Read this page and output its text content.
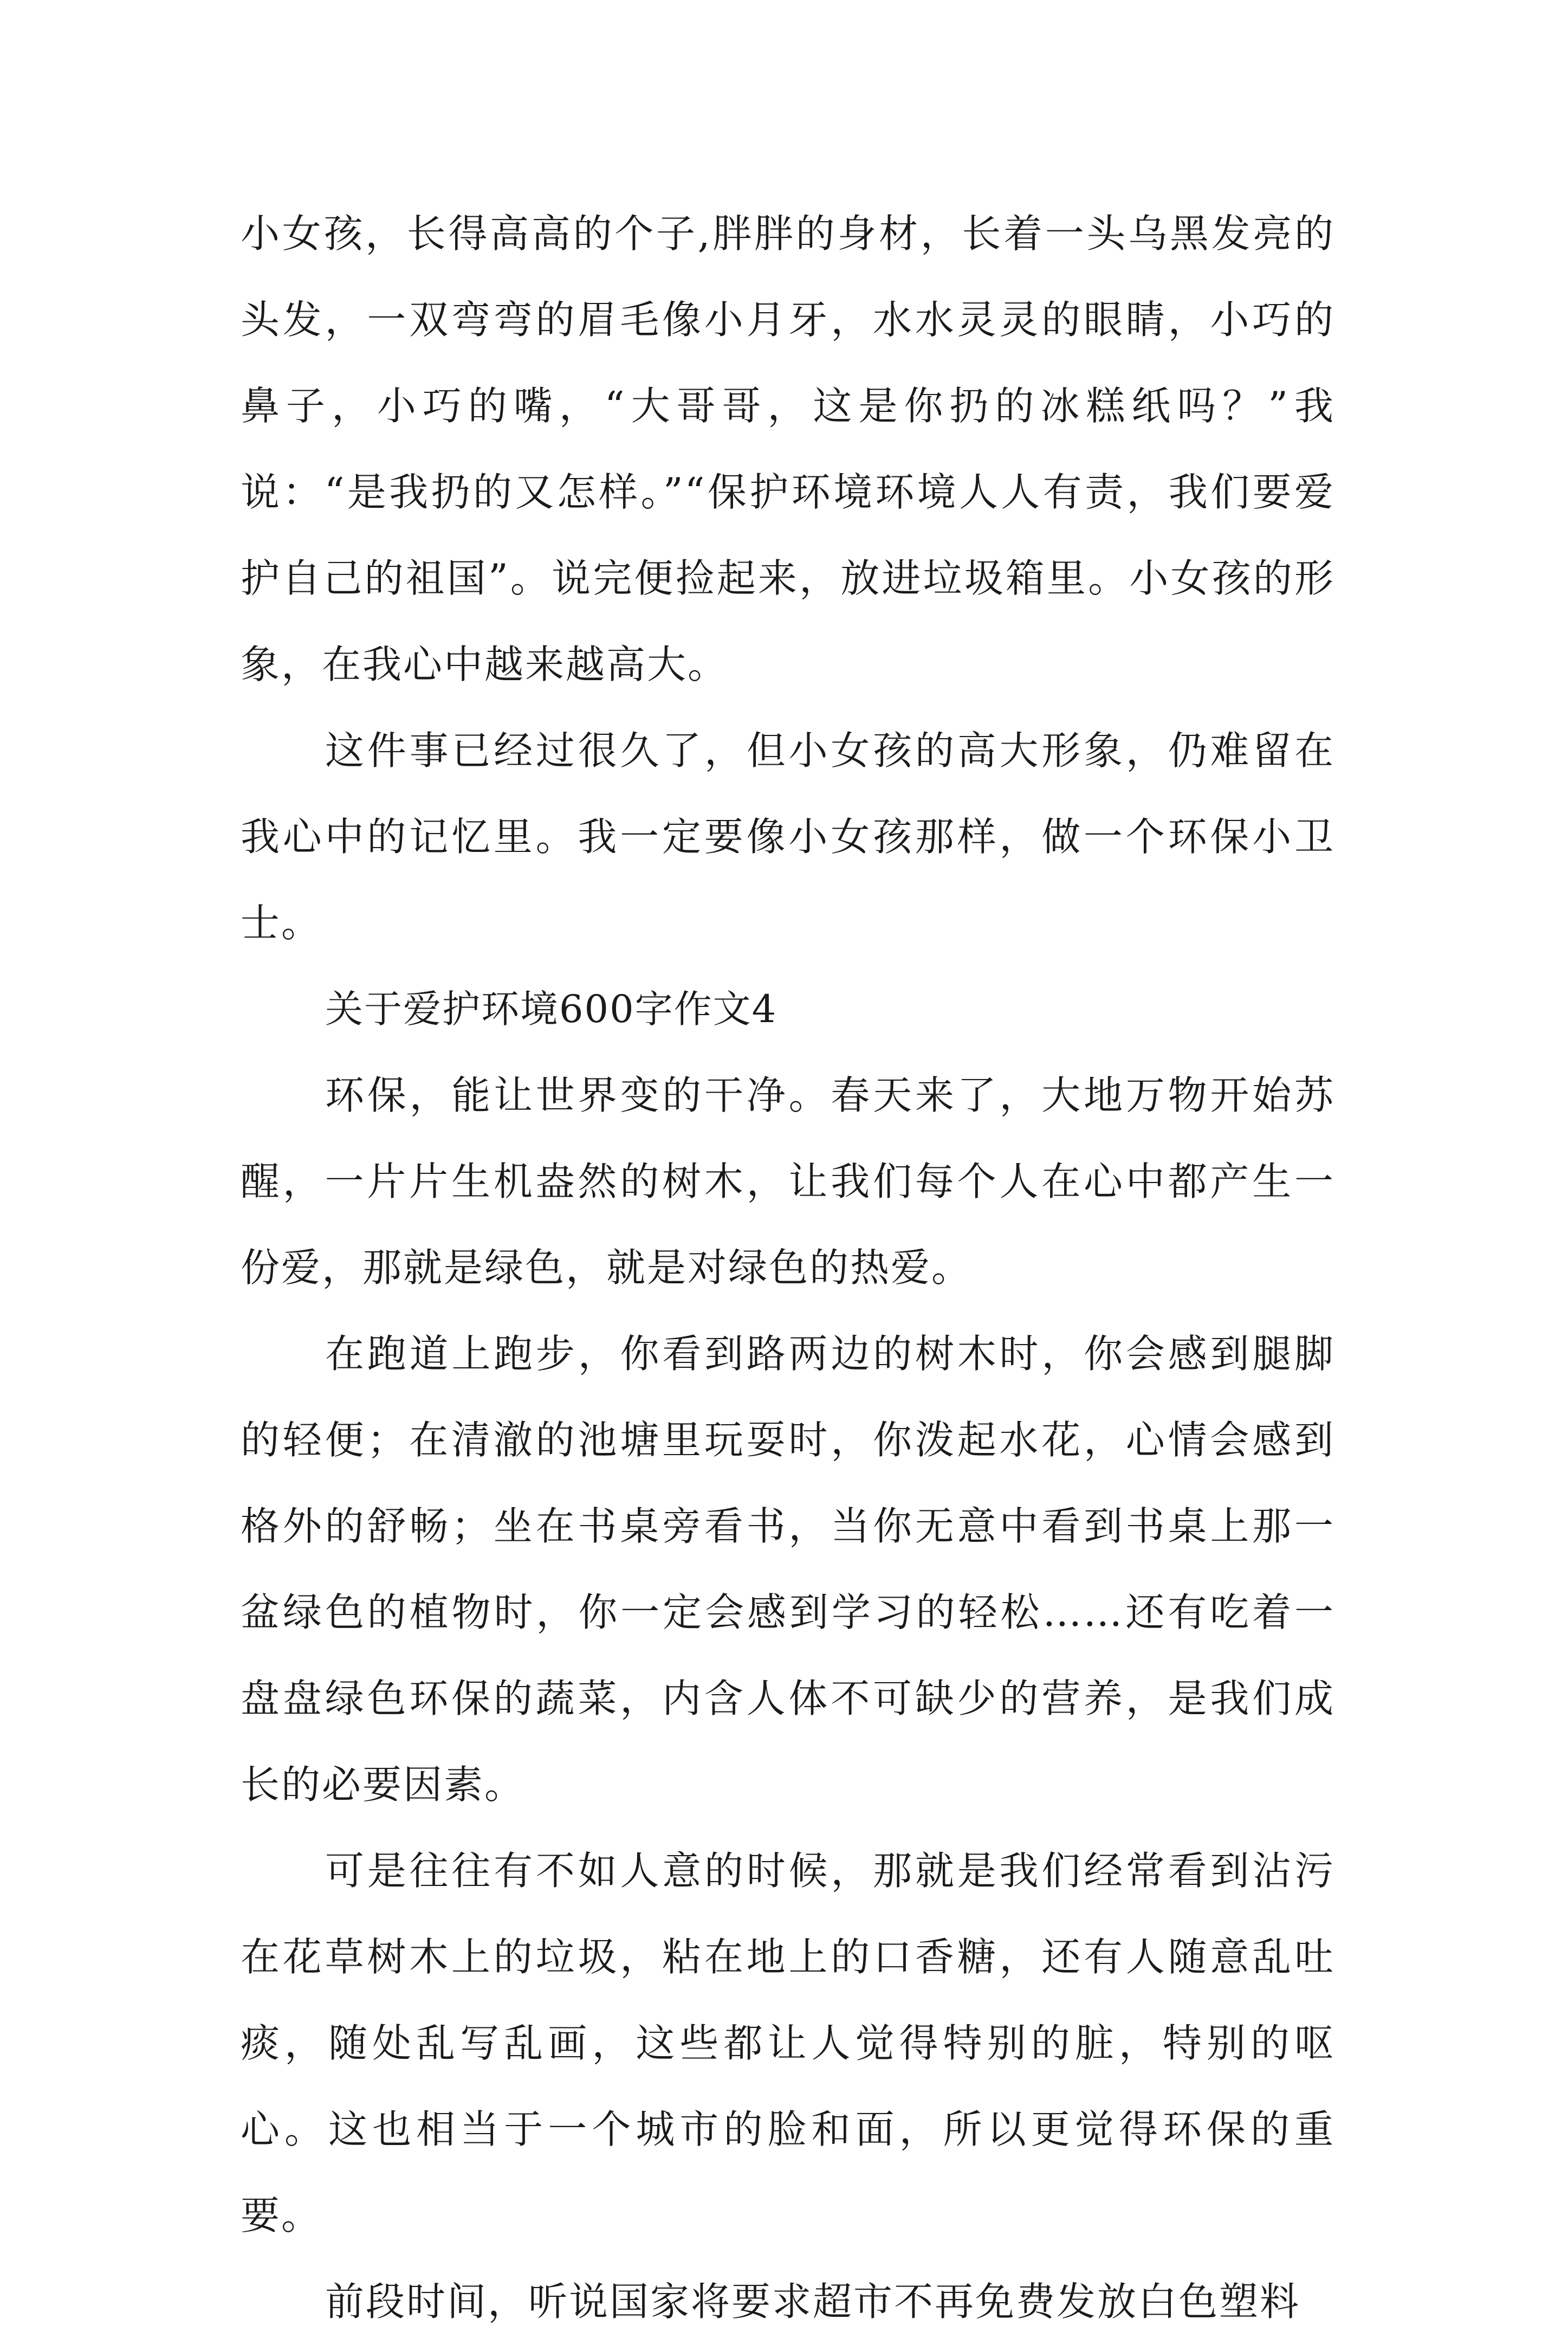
小女孩，长得高高的个子,胖胖的身材，长着一头乌黑发亮的头发，一双弯弯的眉毛像小月牙，水水灵灵的眼睛，小巧的鼻子，小巧的嘴，“大哥哥，这是你扔的冰糕纸吗？”我说：“是我扔的又怎样。”“保护环境环境人人有责，我们要爱护自己的祖国”。说完便捡起来，放进垃圾箱里。小女孩的形象，在我心中越来越高大。

这件事已经过很久了，但小女孩的高大形象，仍难留在我心中的记忆里。我一定要像小女孩那样，做一个环保小卫士。

关于爱护环境600字作文4

环保，能让世界变的干净。春天来了，大地万物开始苏醒，一片片生机盎然的树木，让我们每个人在心中都产生一份爱，那就是绿色，就是对绿色的热爱。

在跑道上跑步，你看到路两边的树木时，你会感到腿脚的轻便；在清澈的池塘里玩耍时，你泼起水花，心情会感到格外的舒畅；坐在书桌旁看书，当你无意中看到书桌上那一盆绿色的植物时，你一定会感到学习的轻松……还有吃着一盘盘绿色环保的蔬菜，内含人体不可缺少的营养，是我们成长的必要因素。

可是往往有不如人意的时候，那就是我们经常看到沾污在花草树木上的垃圾，粘在地上的口香糖，还有人随意乱吐痰，随处乱写乱画，这些都让人觉得特别的脏，特别的呕心。这也相当于一个城市的脸和面，所以更觉得环保的重要。

前段时间，听说国家将要求超市不再免费发放白色塑料
